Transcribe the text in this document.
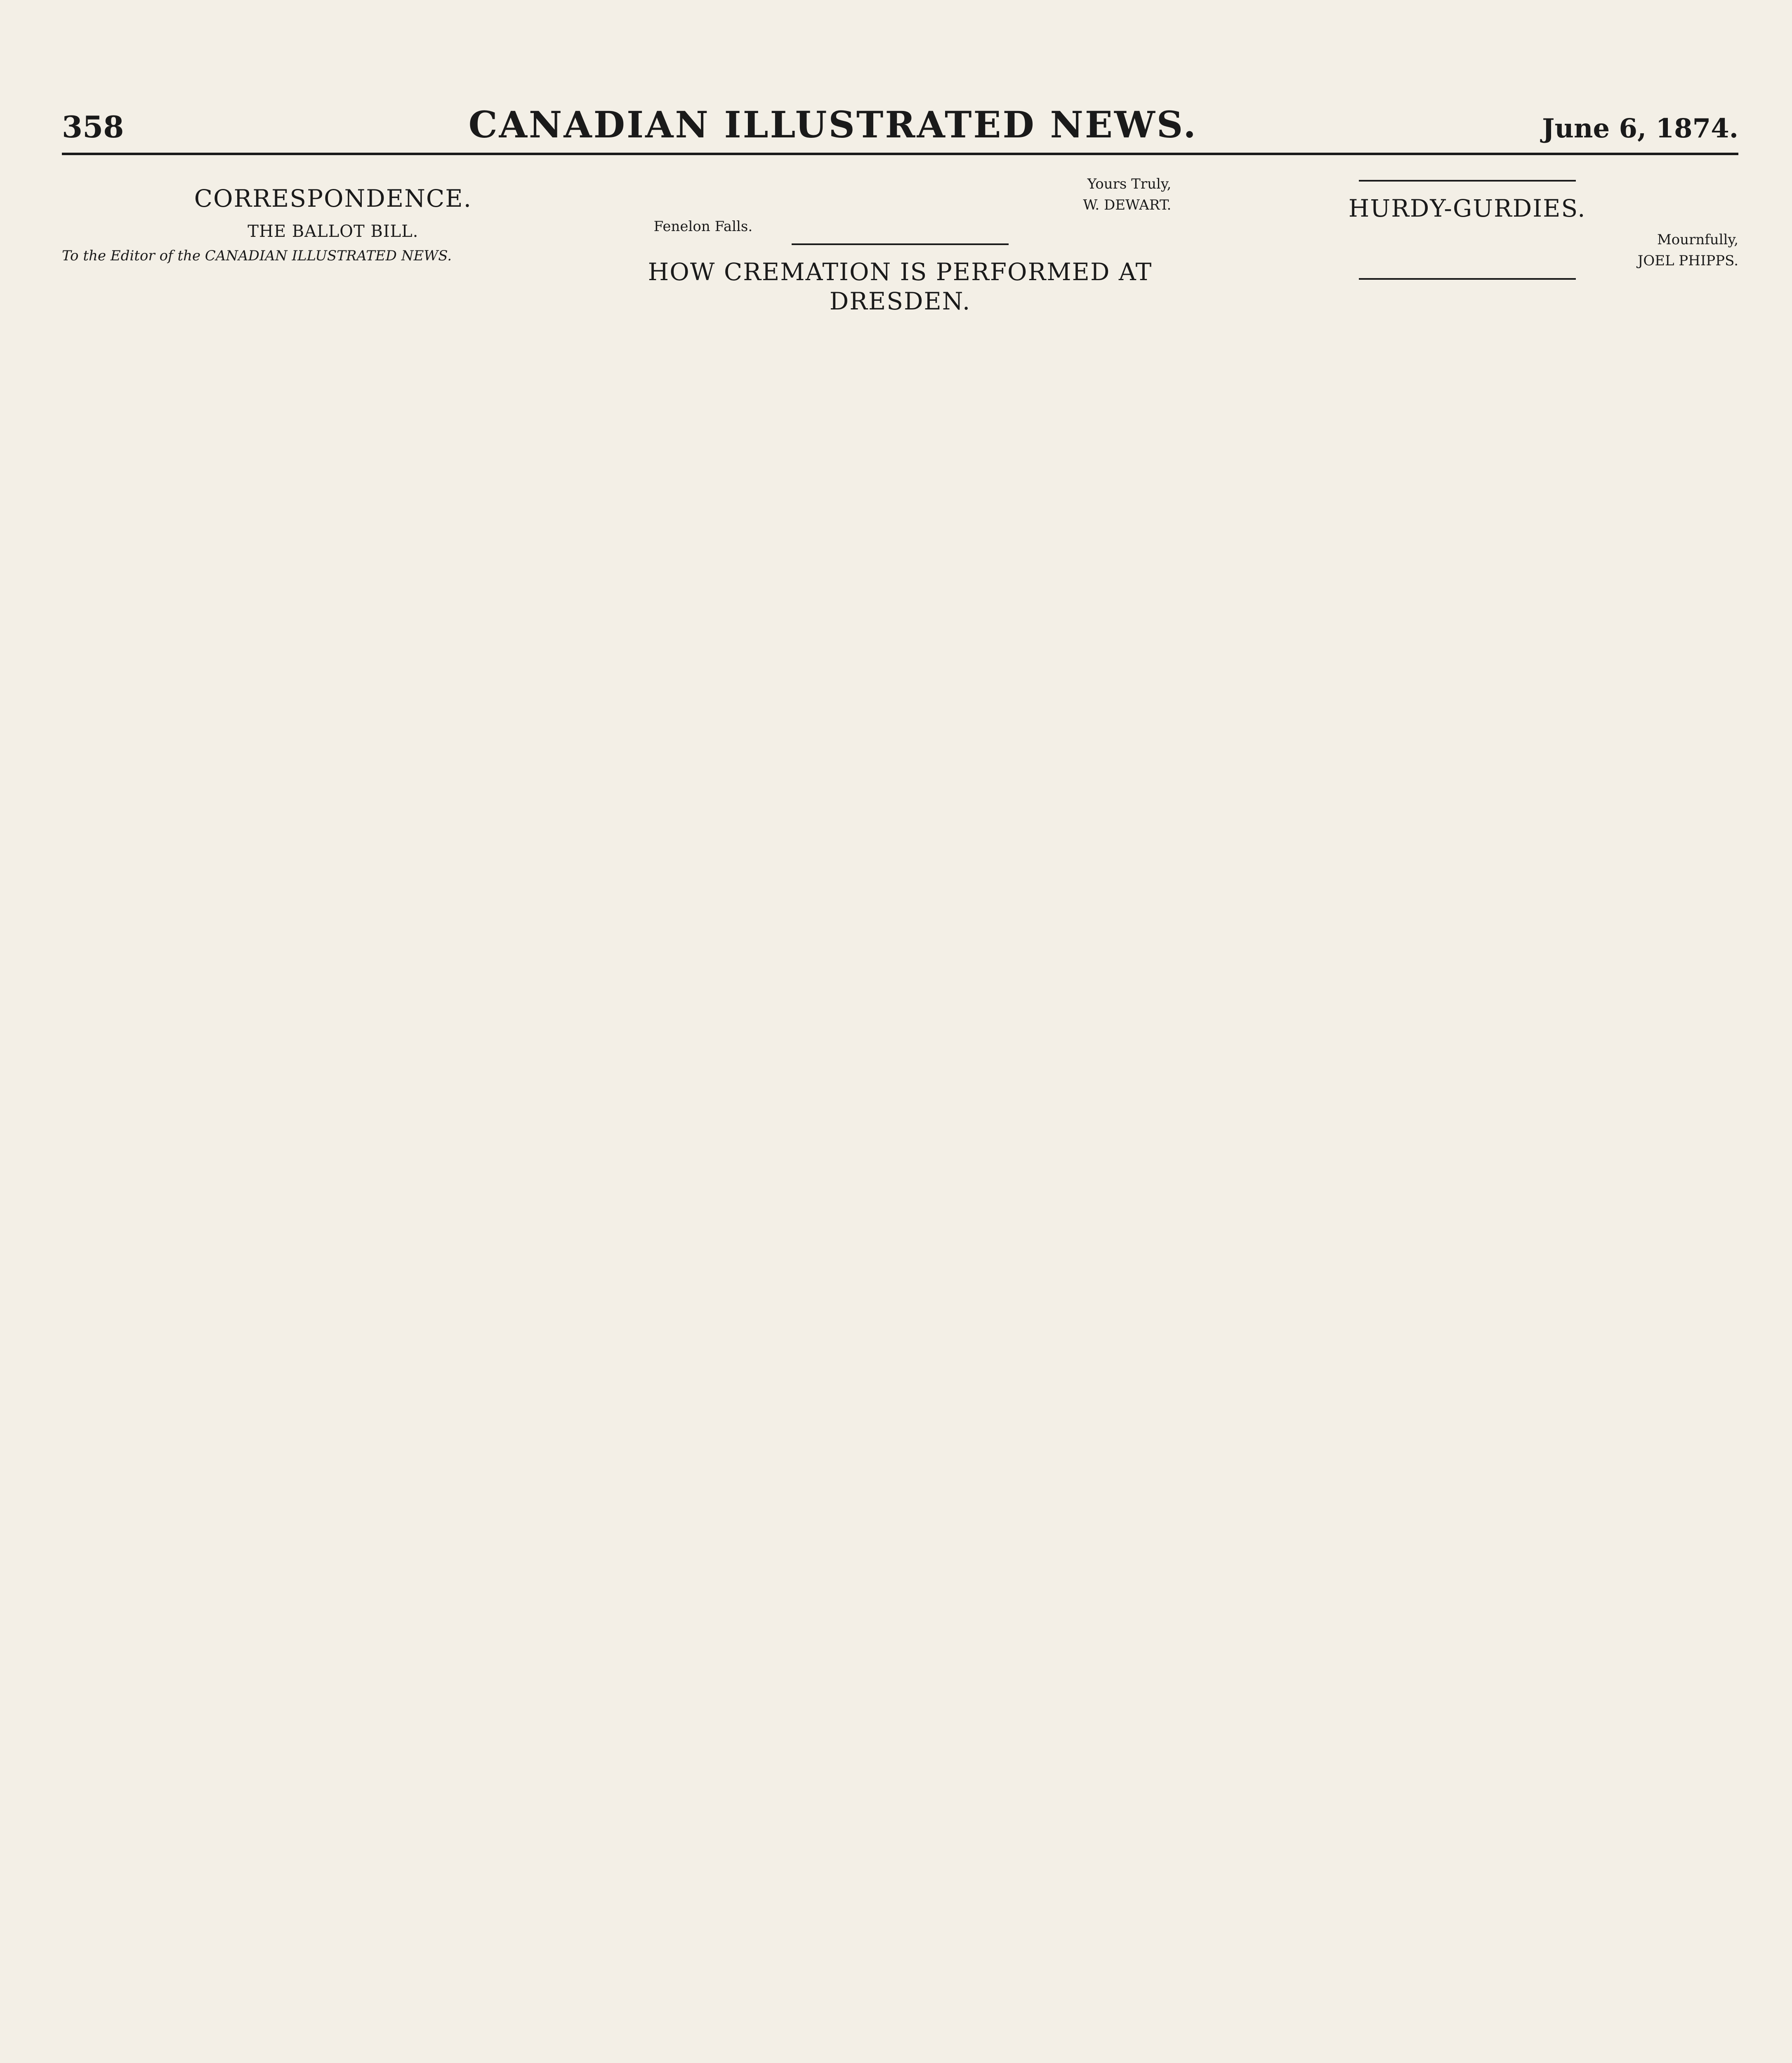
358	CANADIAN ILLUSTRATED NEWS.	June 6, 1874.
CORRESPONDENCE.
THE BALLOT BILL.
To the Editor of the CANADIAN ILLUSTRATED NEWS.

Yours Truly,
W. DEWART.
Fenelon Falls.
HOW CREMATION IS PERFORMED AT DRESDEN.

HURDY-GURDIES.

Mournfully,
JOEL PHIPPS.
